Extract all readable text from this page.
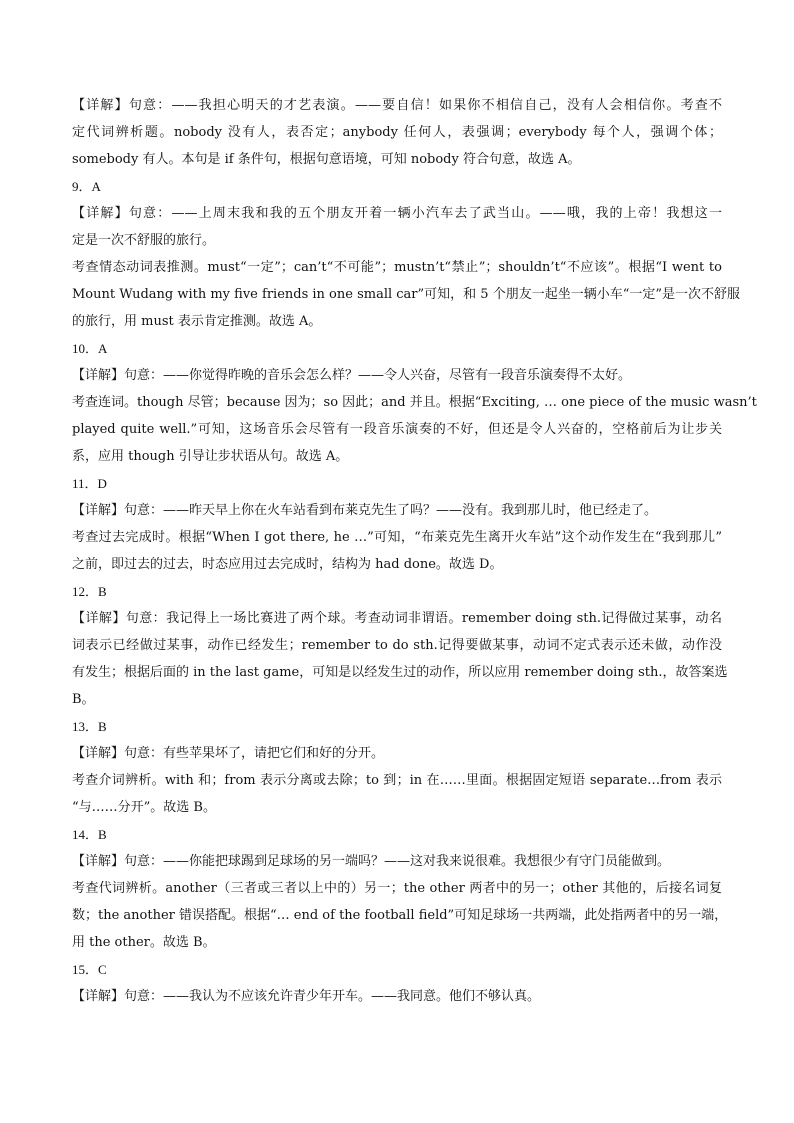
【详解】句意：——我担心明天的才艺表演。——要自信！如果你不相信自己，没有人会相信你。考查不
定代词辨析题。nobody 没有人，表否定；anybody 任何人，表强调；everybody 每个人，强调个体；
somebody 有人。本句是 if 条件句，根据句意语境，可知 nobody 符合句意，故选 A。
9．A
【详解】句意：——上周末我和我的五个朋友开着一辆小汽车去了武当山。——哦，我的上帝！我想这一
定是一次不舒服的旅行。
考查情态动词表推测。must“一定”；can’t“不可能”；mustn’t“禁止”；shouldn’t“不应该”。根据“I went to
Mount Wudang with my five friends in one small car”可知，和 5 个朋友一起坐一辆小车“一定”是一次不舒服
的旅行，用 must 表示肯定推测。故选 A。
10．A
【详解】句意：——你觉得昨晚的音乐会怎么样？——令人兴奋，尽管有一段音乐演奏得不太好。
考查连词。though 尽管；because 因为；so 因此；and 并且。根据“Exciting, … one piece of the music wasn’t
played quite well.”可知，这场音乐会尽管有一段音乐演奏的不好，但还是令人兴奋的，空格前后为让步关
系，应用 though 引导让步状语从句。故选 A。
11．D
【详解】句意：——昨天早上你在火车站看到布莱克先生了吗？——没有。我到那儿时，他已经走了。
考查过去完成时。根据“When I got there, he …”可知，“布莱克先生离开火车站”这个动作发生在“我到那儿”
之前，即过去的过去，时态应用过去完成时，结构为 had done。故选 D。
12．B
【详解】句意：我记得上一场比赛进了两个球。考查动词非谓语。remember doing sth.记得做过某事，动名
词表示已经做过某事，动作已经发生；remember to do sth.记得要做某事，动词不定式表示还未做，动作没
有发生；根据后面的 in the last game，可知是以经发生过的动作，所以应用 remember doing sth.，故答案选
B。
13．B
【详解】句意：有些苹果坏了，请把它们和好的分开。
考查介词辨析。with 和；from 表示分离或去除；to 到；in 在……里面。根据固定短语 separate…from 表示
“与……分开”。故选 B。
14．B
【详解】句意：——你能把球踢到足球场的另一端吗？——这对我来说很难。我想很少有守门员能做到。
考查代词辨析。another（三者或三者以上中的）另一；the other 两者中的另一；other 其他的，后接名词复
数；the another 错误搭配。根据“… end of the football field”可知足球场一共两端，此处指两者中的另一端，
用 the other。故选 B。
15．C
【详解】句意：——我认为不应该允许青少年开车。——我同意。他们不够认真。
